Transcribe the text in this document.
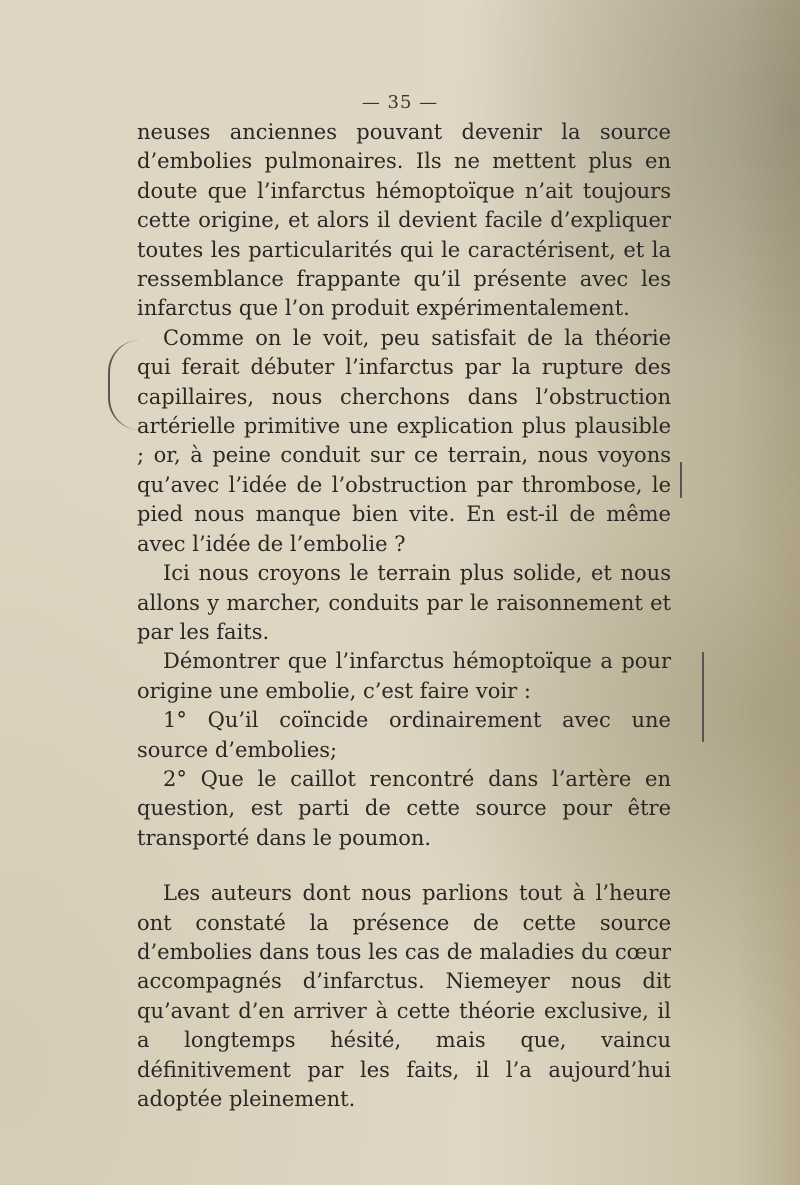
— 35 —

neuses anciennes pouvant devenir la source d’embolies pulmonaires. Ils ne mettent plus en doute que l’infarctus hémoptoïque n’ait toujours cette origine, et alors il devient facile d’expliquer toutes les particularités qui le caractérisent, et la ressemblance frappante qu’il présente avec les infarctus que l’on produit expérimentalement.

Comme on le voit, peu satisfait de la théorie qui ferait débuter l’infarctus par la rupture des capillaires, nous cherchons dans l’obstruction artérielle primitive une explication plus plausible ; or, à peine conduit sur ce terrain, nous voyons qu’avec l’idée de l’obstruction par thrombose, le pied nous manque bien vite. En est-il de même avec l’idée de l’embolie ?

Ici nous croyons le terrain plus solide, et nous allons y marcher, conduits par le raisonnement et par les faits.

Démontrer que l’infarctus hémoptoïque a pour origine une embolie, c’est faire voir :

1° Qu’il coïncide ordinairement avec une source d’embolies;

2° Que le caillot rencontré dans l’artère en question, est parti de cette source pour être transporté dans le poumon.

Les auteurs dont nous parlions tout à l’heure ont constaté la présence de cette source d’embolies dans tous les cas de maladies du cœur accompagnés d’infarctus. Niemeyer nous dit qu’avant d’en arriver à cette théorie exclusive, il a longtemps hésité, mais que, vaincu définitivement par les faits, il l’a aujourd’hui adoptée pleinement.
